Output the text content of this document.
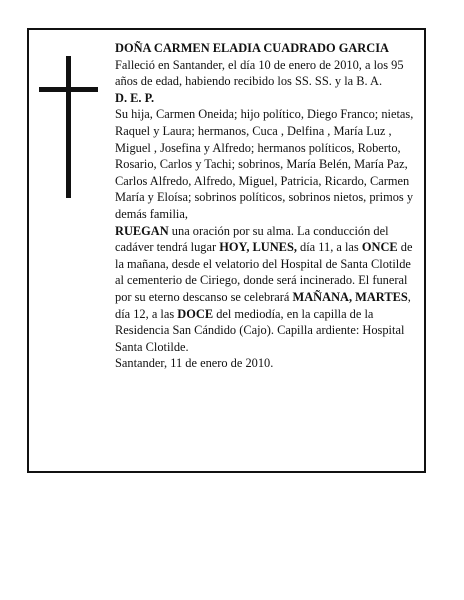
DOÑA CARMEN ELADIA CUADRADO GARCIA

Falleció en Santander, el día 10 de enero de 2010, a los 95 años de edad, habiendo recibido los SS. SS. y la B. A.

D. E. P.

Su hija, Carmen Oneida; hijo político, Diego Franco; nietas, Raquel y Laura; hermanos, Cuca , Delfina , María Luz , Miguel , Josefina y Alfredo; hermanos políticos, Roberto, Rosario, Carlos y Tachi; sobrinos, María Belén, María Paz, Carlos Alfredo, Alfredo, Miguel, Patricia, Ricardo, Carmen María y Eloísa; sobrinos políticos, sobrinos nietos, primos y demás familia,

RUEGAN una oración por su alma. La conducción del cadáver tendrá lugar HOY, LUNES, día 11, a las ONCE de la mañana, desde el velatorio del Hospital de Santa Clotilde al cementerio de Ciriego, donde será incinerado. El funeral por su eterno descanso se celebrará MAÑANA, MARTES, día 12, a las DOCE del mediodía, en la capilla de la Residencia San Cándido (Cajo). Capilla ardiente: Hospital Santa Clotilde.

Santander, 11 de enero de 2010.
